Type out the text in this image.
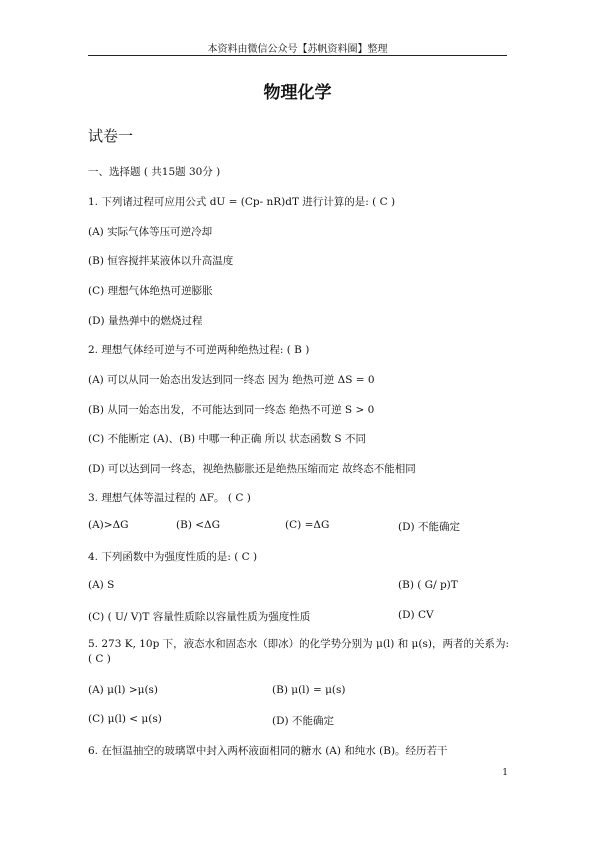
本资料由微信公众号【苏帆资料圈】整理
物理化学
试卷一
一、选择题 ( 共15题 30分 )
1. 下列诸过程可应用公式 dU = (Cp- nR)dT 进行计算的是: ( C )
(A) 实际气体等压可逆冷却
(B) 恒容搅拌某液体以升高温度
(C) 理想气体绝热可逆膨胀
(D) 量热弹中的燃烧过程
2. 理想气体经可逆与不可逆两种绝热过程: ( B )
(A) 可以从同一始态出发达到同一终态 因为 绝热可逆 ΔS = 0
(B) 从同一始态出发，不可能达到同一终态 绝热不可逆 S > 0
(C) 不能断定 (A)、(B) 中哪一种正确 所以 状态函数 S 不同
(D) 可以达到同一终态，视绝热膨胀还是绝热压缩而定 故终态不能相同
3. 理想气体等温过程的 ΔF。 ( C )
(A)>ΔG	(B) <ΔG	(C) =ΔG	(D) 不能确定
4. 下列函数中为强度性质的是: ( C )
(A) S	(B) ( G/ p)T
(C) ( U/ V)T 容量性质除以容量性质为强度性质	(D) CV
5. 273 K, 10p 下，液态水和固态水（即冰）的化学势分别为 μ(l) 和 μ(s)，两者的关系为: ( C )
(A) μ(l) >μ(s)	(B) μ(l) = μ(s)
(C) μ(l) < μ(s)	(D) 不能确定
6. 在恒温抽空的玻璃罩中封入两杯液面相同的糖水 (A) 和纯水 (B)。经历若干
1
